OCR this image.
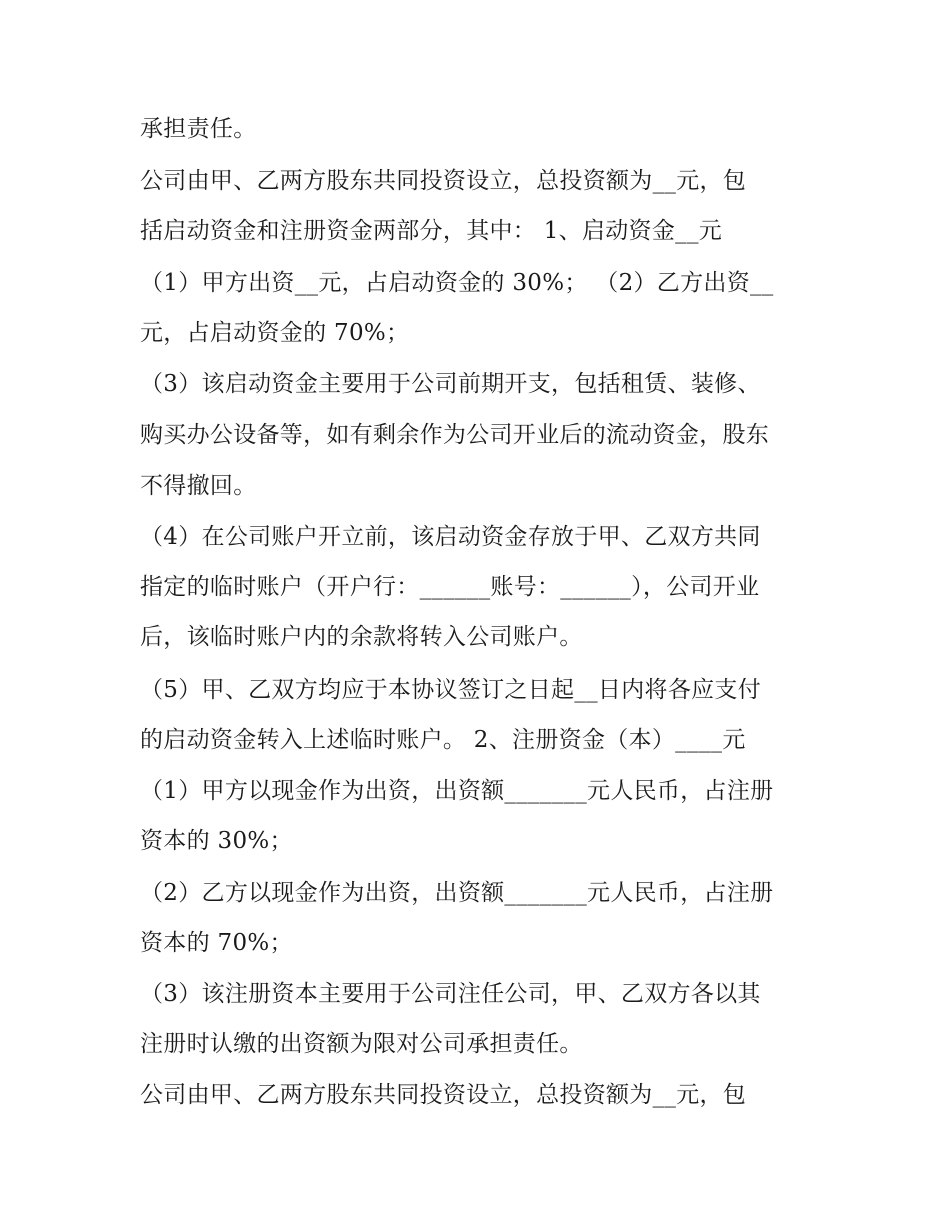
承担责任。

公司由甲、乙两方股东共同投资设立，总投资额为__元，包

括启动资金和注册资金两部分，其中： 1、启动资金__元

（1）甲方出资__元，占启动资金的 30%； （2）乙方出资__

元，占启动资金的 70%；

（3）该启动资金主要用于公司前期开支，包括租赁、装修、

购买办公设备等，如有剩余作为公司开业后的流动资金，股东

不得撤回。

（4）在公司账户开立前，该启动资金存放于甲、乙双方共同

指定的临时账户（开户行：______账号：______），公司开业

后，该临时账户内的余款将转入公司账户。

（5）甲、乙双方均应于本协议签订之日起__日内将各应支付

的启动资金转入上述临时账户。 2、注册资金（本）____元

（1）甲方以现金作为出资，出资额_______元人民币，占注册

资本的 30%；

（2）乙方以现金作为出资，出资额_______元人民币，占注册

资本的 70%；

（3）该注册资本主要用于公司注任公司，甲、乙双方各以其

注册时认缴的出资额为限对公司承担责任。

公司由甲、乙两方股东共同投资设立，总投资额为__元，包
